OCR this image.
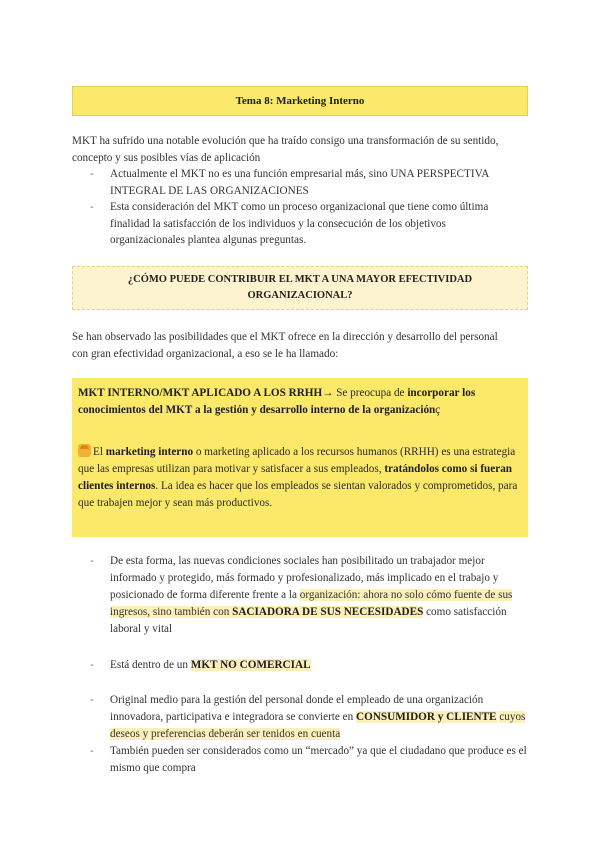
Tema 8: Marketing Interno

MKT ha sufrido una notable evolución que ha traído consigo una transformación de su sentido, concepto y sus posibles vías de aplicación

- Actualmente el MKT no es una función empresarial más, sino UNA PERSPECTIVA INTEGRAL DE LAS ORGANIZACIONES
- Esta consideración del MKT como un proceso organizacional que tiene como última finalidad la satisfacción de los individuos y la consecución de los objetivos organizacionales plantea algunas preguntas.
¿CÓMO PUEDE CONTRIBUIR EL MKT A UNA MAYOR EFECTIVIDAD ORGANIZACIONAL?

Se han observado las posibilidades que el MKT ofrece en la dirección y desarrollo del personal con gran efectividad organizacional, a eso se le ha llamado:

MKT INTERNO/MKT APLICADO A LOS RRHH→ Se preocupa de incorporar los conocimientos del MKT a la gestión y desarrollo interno de la organizaciónç

El marketing interno o marketing aplicado a los recursos humanos (RRHH) es una estrategia que las empresas utilizan para motivar y satisfacer a sus empleados, tratándolos como si fueran clientes internos. La idea es hacer que los empleados se sientan valorados y comprometidos, para que trabajen mejor y sean más productivos.

- De esta forma, las nuevas condiciones sociales han posibilitado un trabajador mejor informado y protegido, más formado y profesionalizado, más implicado en el trabajo y posicionado de forma diferente frente a la organización: ahora no solo cómo fuente de sus ingresos, sino también con SACIADORA DE SUS NECESIDADES como satisfacción laboral y vital
- Está dentro de un MKT NO COMERCIAL
- Original medio para la gestión del personal donde el empleado de una organización innovadora, participativa e integradora se convierte en CONSUMIDOR y CLIENTE cuyos deseos y preferencias deberán ser tenidos en cuenta
- También pueden ser considerados como un “mercado” ya que el ciudadano que produce es el mismo que compra
